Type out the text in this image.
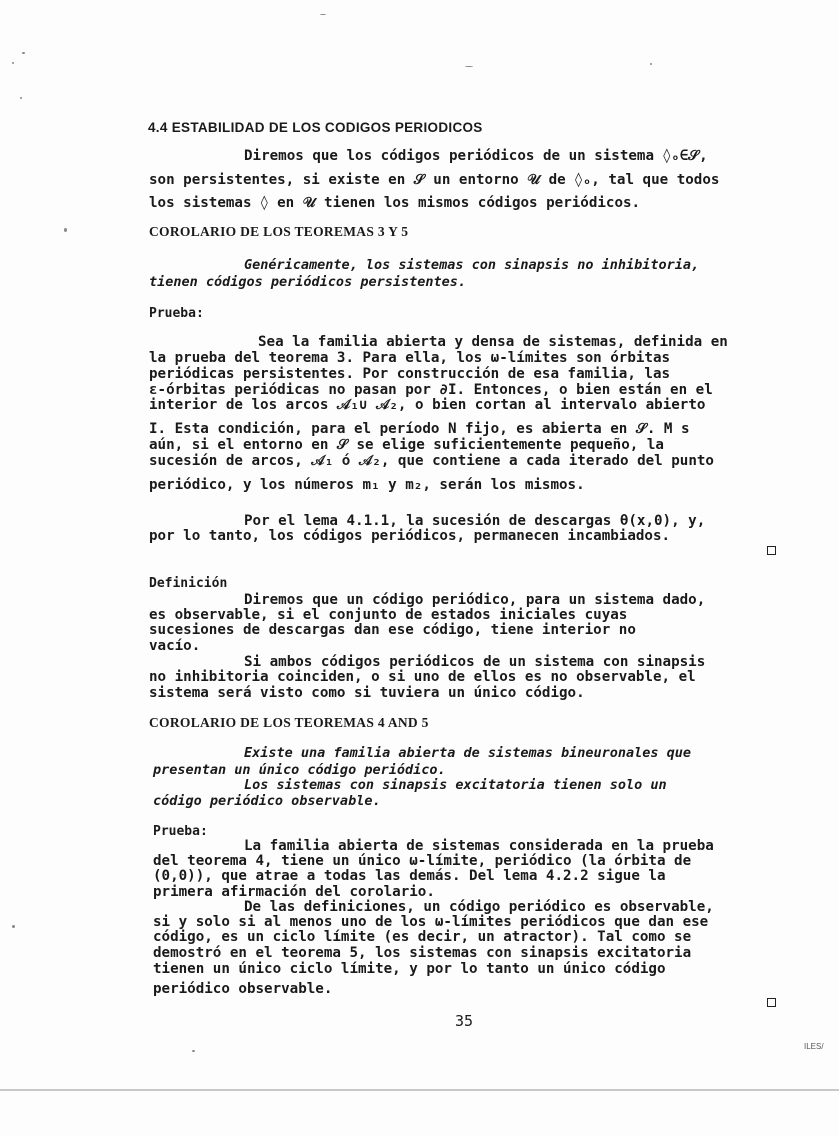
4.4 ESTABILIDAD DE LOS CODIGOS PERIODICOS
Diremos que los códigos periódicos de un sistema ◊ₒ∈𝒮,
son persistentes, si existe en 𝒮 un entorno 𝒰 de ◊ₒ, tal que todos
los sistemas ◊ en 𝒰 tienen los mismos códigos periódicos.
COROLARIO DE LOS TEOREMAS 3 Y 5
Genéricamente, los sistemas con sinapsis no inhibitoria,
tienen códigos periódicos persistentes.
Prueba:
Sea la familia abierta y densa de sistemas, definida en
la prueba del teorema 3. Para ella, los ω-límites son órbitas
periódicas persistentes. Por construcción de esa familia, las
ε-órbitas periódicas no pasan por ∂I. Entonces, o bien están en el
interior de los arcos 𝒜₁∪ 𝒜₂, o bien cortan al intervalo abierto
I. Esta condición, para el período N fijo, es abierta en 𝒮. M s
aún, si el entorno en 𝒮 se elige suficientemente pequeño, la
sucesión de arcos, 𝒜₁ ó 𝒜₂, que contiene a cada iterado del punto
periódico, y los números m₁ y m₂, serán los mismos.
Por el lema 4.1.1, la sucesión de descargas θ(x,0), y,
por lo tanto, los códigos periódicos, permanecen incambiados.
Definición
Diremos que un código periódico, para un sistema dado,
es observable, si el conjunto de estados iniciales cuyas
sucesiones de descargas dan ese código, tiene interior no
vacío.
Si ambos códigos periódicos de un sistema con sinapsis
no inhibitoria coinciden, o si uno de ellos es no observable, el
sistema será visto como si tuviera un único código.
COROLARIO DE LOS TEOREMAS 4 AND 5
Existe una familia abierta de sistemas bineuronales que
presentan un único código periódico.
Los sistemas con sinapsis excitatoria tienen solo un
código periódico observable.
Prueba:
La familia abierta de sistemas considerada en la prueba
del teorema 4, tiene un único ω-límite, periódico (la órbita de
(0,0)), que atrae a todas las demás. Del lema 4.2.2 sigue la
primera afirmación del corolario.
De las definiciones, un código periódico es observable,
si y solo si al menos uno de los ω-límites periódicos que dan ese
código, es un ciclo límite (es decir, un atractor). Tal como se
demostró en el teorema 5, los sistemas con sinapsis excitatoria
tienen un único ciclo límite, y por lo tanto un único código
periódico observable.
35
ILES/
